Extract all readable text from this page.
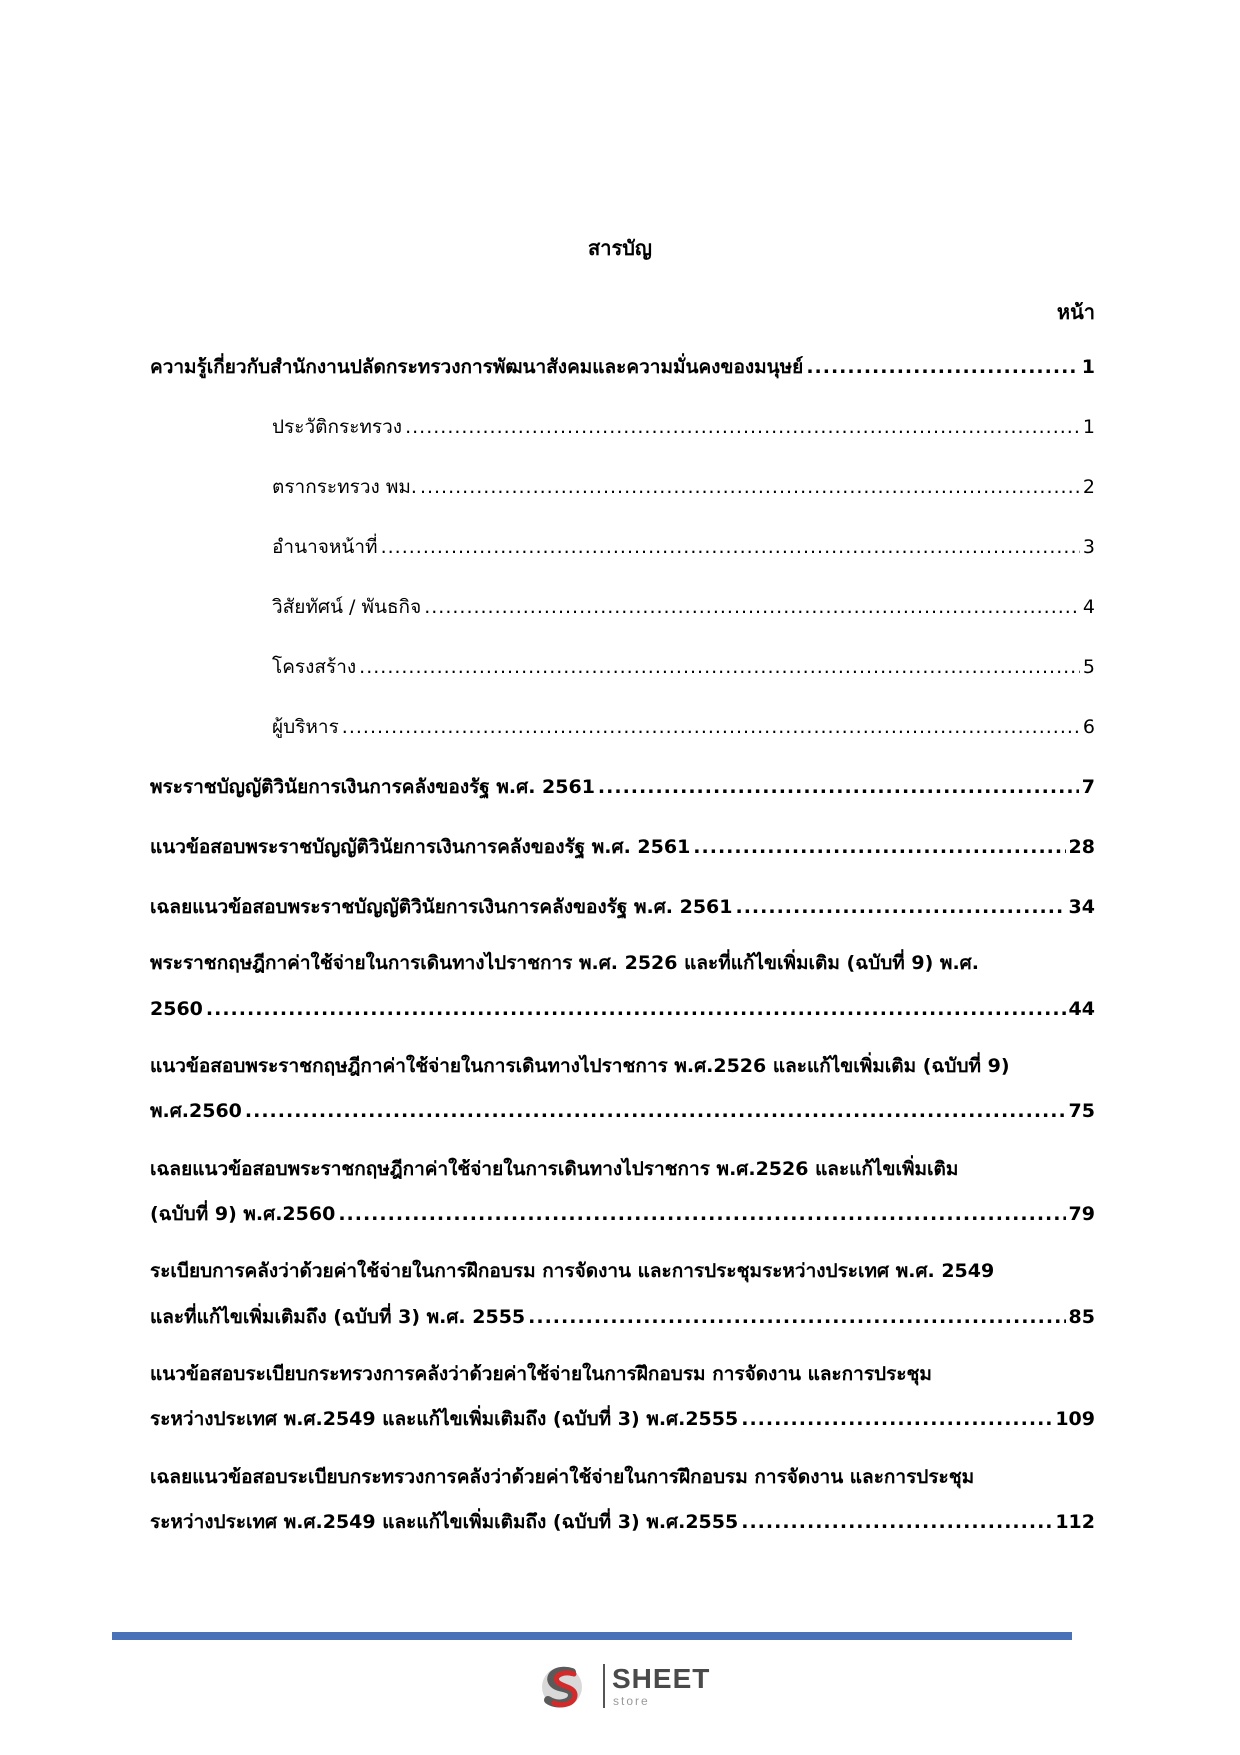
สารบัญ
หน้า
ความรู้เกี่ยวกับสำนักงานปลัดกระทรวงการพัฒนาสังคมและความมั่นคงของมนุษย์ .....	1
ประวัติกระทรวง .....	1
ตรากระทรวง พม. .....	2
อำนาจหน้าที่ .....	3
วิสัยทัศน์ / พันธกิจ .....	4
โครงสร้าง .....	5
ผู้บริหาร .....	6
พระราชบัญญัติวินัยการเงินการคลังของรัฐ พ.ศ. 2561 .....	7
แนวข้อสอบพระราชบัญญัติวินัยการเงินการคลังของรัฐ พ.ศ. 2561 .....	28
เฉลยแนวข้อสอบพระราชบัญญัติวินัยการเงินการคลังของรัฐ พ.ศ. 2561 .....	34
พระราชกฤษฎีกาค่าใช้จ่ายในการเดินทางไปราชการ พ.ศ. 2526 และที่แก้ไขเพิ่มเติม (ฉบับที่ 9) พ.ศ.
2560 .....	44
แนวข้อสอบพระราชกฤษฎีกาค่าใช้จ่ายในการเดินทางไปราชการ พ.ศ.2526 และแก้ไขเพิ่มเติม (ฉบับที่ 9)
พ.ศ.2560 .....	75
เฉลยแนวข้อสอบพระราชกฤษฎีกาค่าใช้จ่ายในการเดินทางไปราชการ พ.ศ.2526 และแก้ไขเพิ่มเติม
(ฉบับที่ 9) พ.ศ.2560 .....	79
ระเบียบการคลังว่าด้วยค่าใช้จ่ายในการฝึกอบรม การจัดงาน และการประชุมระหว่างประเทศ พ.ศ. 2549
และที่แก้ไขเพิ่มเติมถึง (ฉบับที่ 3) พ.ศ. 2555 .....	85
แนวข้อสอบระเบียบกระทรวงการคลังว่าด้วยค่าใช้จ่ายในการฝึกอบรม การจัดงาน และการประชุม
ระหว่างประเทศ พ.ศ.2549 และแก้ไขเพิ่มเติมถึง (ฉบับที่ 3) พ.ศ.2555 .....	109
เฉลยแนวข้อสอบระเบียบกระทรวงการคลังว่าด้วยค่าใช้จ่ายในการฝึกอบรม การจัดงาน และการประชุม
ระหว่างประเทศ พ.ศ.2549 และแก้ไขเพิ่มเติมถึง (ฉบับที่ 3) พ.ศ.2555 .....	112
SHEET
store
